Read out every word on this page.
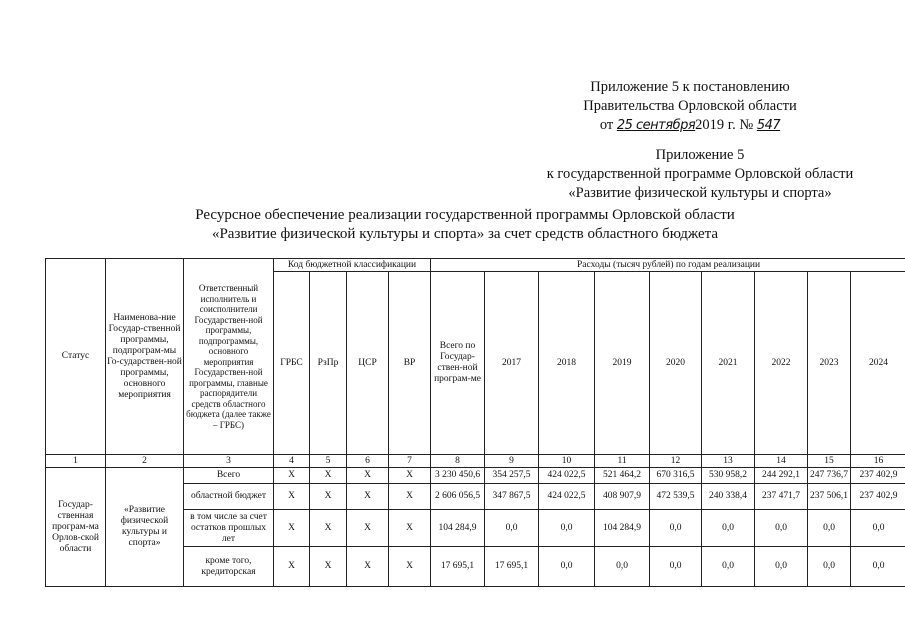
Приложение 5 к постановлению
Правительства Орловской области
от 25 сентября2019 г. № 547
Приложение 5
к государственной программе Орловской области
«Развитие физической культуры и спорта»
Ресурсное обеспечение реализации государственной программы Орловской области
«Развитие физической культуры и спорта» за счет средств областного бюджета
Статус	Наименова-ние Государ-ственной программы, подпрограм-мы Го-сударствен-ной программы, основного мероприятия	Ответственный исполнитель и соисполнители Государствен-ной программы, подпрограммы, основного мероприятия Государствен-ной программы, главные распорядители средств областного бюджета (далее также – ГРБС)	Код бюджетной классификации				Расходы (тысяч рублей) по годам реализации								
			ГРБС	РзПр	ЦСР	ВР	Всего по Государ-ствен-ной програм-ме	2017	2018	2019	2020	2021	2022	2023	2024
1	2	3	4	5	6	7	8	9	10	11	12	13	14	15	16
Государ-ственная програм-ма Орлов-ской области	«Развитие физической культуры и спорта»	Всего	X	X	X	X	3 230 450,6	354 257,5	424 022,5	521 464,2	670 316,5	530 958,2	244 292,1	247 736,7	237 402,9
		областной бюджет	X	X	X	X	2 606 056,5	347 867,5	424 022,5	408 907,9	472 539,5	240 338,4	237 471,7	237 506,1	237 402,9
		в том числе за счет остатков прошлых лет	X	X	X	X	104 284,9	0,0	0,0	104 284,9	0,0	0,0	0,0	0,0	0,0
		кроме того, кредиторская	X	X	X	X	17 695,1	17 695,1	0,0	0,0	0,0	0,0	0,0	0,0	0,0
